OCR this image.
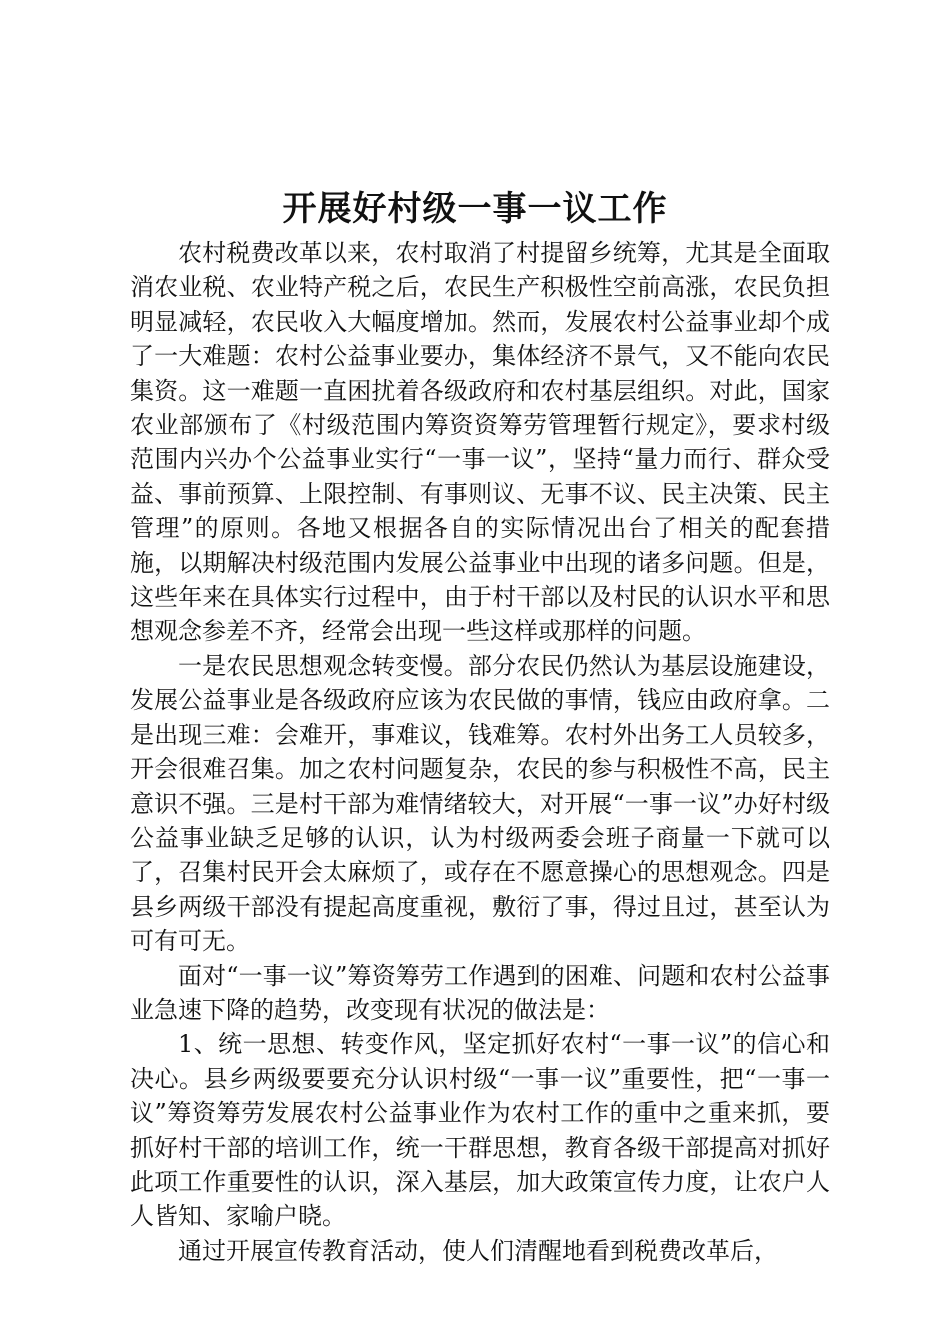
开展好村级一事一议工作

农村税费改革以来，农村取消了村提留乡统筹，尤其是全面取消农业税、农业特产税之后，农民生产积极性空前高涨，农民负担明显减轻，农民收入大幅度增加。然而，发展农村公益事业却个成了一大难题：农村公益事业要办，集体经济不景气，又不能向农民集资。这一难题一直困扰着各级政府和农村基层组织。对此，国家农业部颁布了《村级范围内筹资资筹劳管理暂行规定》，要求村级范围内兴办个公益事业实行“一事一议”，坚持“量力而行、群众受益、事前预算、上限控制、有事则议、无事不议、民主决策、民主管理”的原则。各地又根据各自的实际情况出台了相关的配套措施，以期解决村级范围内发展公益事业中出现的诸多问题。但是，这些年来在具体实行过程中，由于村干部以及村民的认识水平和思想观念参差不齐，经常会出现一些这样或那样的问题。

一是农民思想观念转变慢。部分农民仍然认为基层设施建设，发展公益事业是各级政府应该为农民做的事情，钱应由政府拿。二是出现三难：会难开，事难议，钱难筹。农村外出务工人员较多，开会很难召集。加之农村问题复杂，农民的参与积极性不高，民主意识不强。三是村干部为难情绪较大，对开展“一事一议”办好村级公益事业缺乏足够的认识，认为村级两委会班子商量一下就可以了，召集村民开会太麻烦了，或存在不愿意操心的思想观念。四是县乡两级干部没有提起高度重视，敷衍了事，得过且过，甚至认为可有可无。

面对“一事一议”筹资筹劳工作遇到的困难、问题和农村公益事业急速下降的趋势，改变现有状况的做法是：

1、统一思想、转变作风，坚定抓好农村“一事一议”的信心和决心。县乡两级要要充分认识村级“一事一议”重要性，把“一事一议”筹资筹劳发展农村公益事业作为农村工作的重中之重来抓，要抓好村干部的培训工作，统一干群思想，教育各级干部提高对抓好此项工作重要性的认识，深入基层，加大政策宣传力度，让农户人人皆知、家喻户晓。

通过开展宣传教育活动，使人们清醒地看到税费改革后，
